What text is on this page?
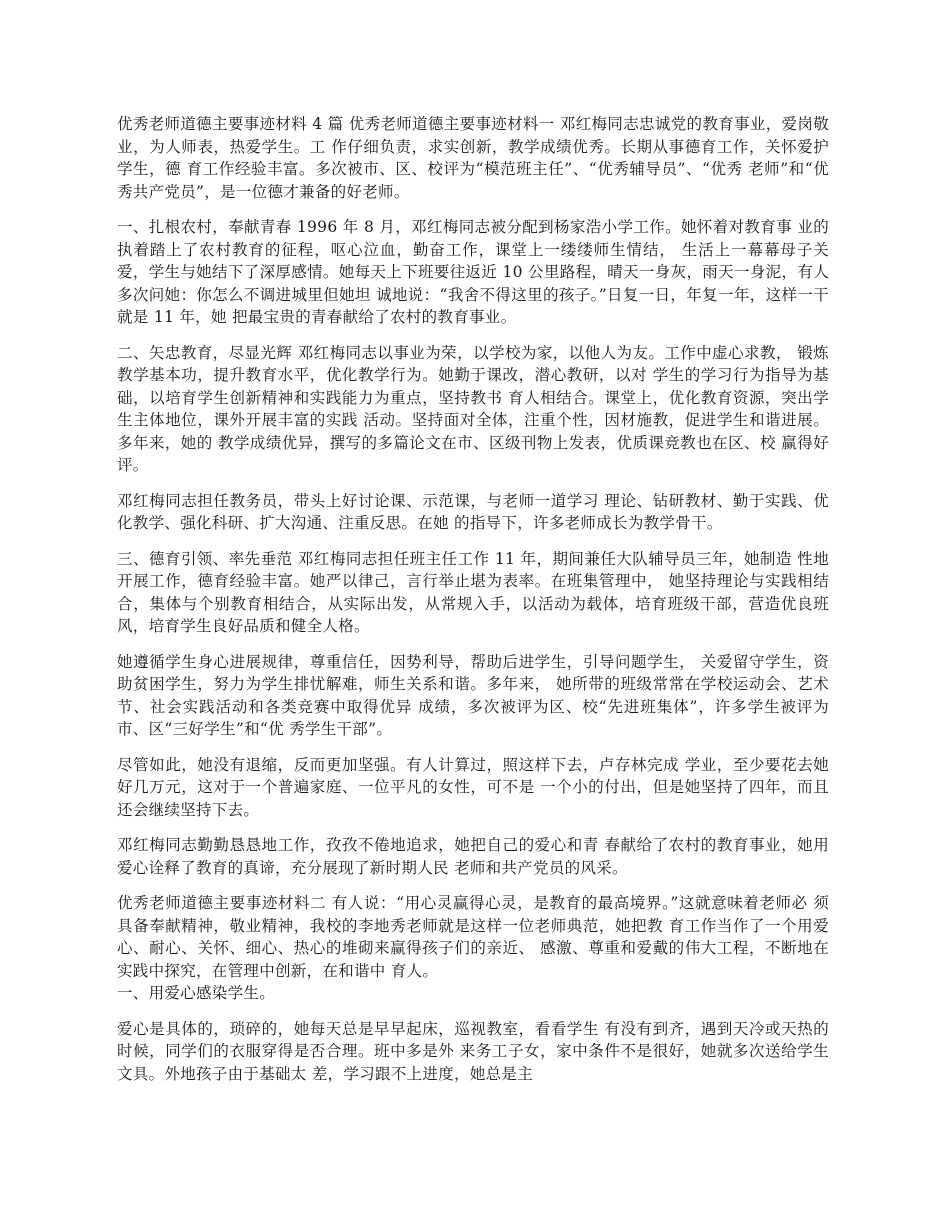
优秀老师道德主要事迹材料 4 篇 优秀老师道德主要事迹材料一 邓红梅同志忠诚党的教育事业，爱岗敬业，为人师表，热爱学生。工 作仔细负责，求实创新，教学成绩优秀。长期从事德育工作，关怀爱护学生，德 育工作经验丰富。多次被市、区、校评为“模范班主任”、“优秀辅导员”、“优秀 老师”和“优秀共产党员”，是一位德才兼备的好老师。

一、扎根农村，奉献青春 1996 年 8 月，邓红梅同志被分配到杨家浩小学工作。她怀着对教育事 业的执着踏上了农村教育的征程，呕心泣血，勤奋工作，课堂上一缕缕师生情结， 生活上一幕幕母子关爱，学生与她结下了深厚感情。她每天上下班要往返近 10 公里路程，晴天一身灰，雨天一身泥，有人多次问她：你怎么不调进城里但她坦 诚地说：“我舍不得这里的孩子。”日复一日，年复一年，这样一干就是 11 年，她 把最宝贵的青春献给了农村的教育事业。

二、矢忠教育，尽显光辉 邓红梅同志以事业为荣，以学校为家，以他人为友。工作中虚心求教， 锻炼教学基本功，提升教育水平，优化教学行为。她勤于课改，潜心教研，以对 学生的学习行为指导为基础，以培育学生创新精神和实践能力为重点，坚持教书 育人相结合。课堂上，优化教育资源，突出学生主体地位，课外开展丰富的实践 活动。坚持面对全体，注重个性，因材施教，促进学生和谐进展。多年来，她的 教学成绩优异，撰写的多篇论文在市、区级刊物上发表，优质课竞教也在区、校 赢得好评。

邓红梅同志担任教务员，带头上好讨论课、示范课，与老师一道学习 理论、钻研教材、勤于实践、优化教学、强化科研、扩大沟通、注重反思。在她 的指导下，许多老师成长为教学骨干。

三、德育引领、率先垂范 邓红梅同志担任班主任工作 11 年，期间兼任大队辅导员三年，她制造 性地开展工作，德育经验丰富。她严以律己，言行举止堪为表率。在班集管理中， 她坚持理论与实践相结合，集体与个别教育相结合，从实际出发，从常规入手，以活动为载体，培育班级干部，营造优良班风，培育学生良好品质和健全人格。

她遵循学生身心进展规律，尊重信任，因势利导，帮助后进学生，引导问题学生， 关爱留守学生，资助贫困学生，努力为学生排忧解难，师生关系和谐。多年来， 她所带的班级常常在学校运动会、艺术节、社会实践活动和各类竞赛中取得优异 成绩，多次被评为区、校“先进班集体”，许多学生被评为市、区“三好学生”和“优 秀学生干部”。

尽管如此，她没有退缩，反而更加坚强。有人计算过，照这样下去，卢存林完成 学业，至少要花去她好几万元，这对于一个普遍家庭、一位平凡的女性，可不是 一个小的付出，但是她坚持了四年，而且还会继续坚持下去。

邓红梅同志勤勤恳恳地工作，孜孜不倦地追求，她把自己的爱心和青 春献给了农村的教育事业，她用爱心诠释了教育的真谛，充分展现了新时期人民 老师和共产党员的风采。

优秀老师道德主要事迹材料二 有人说：“用心灵赢得心灵，是教育的最高境界。”这就意味着老师必 须具备奉献精神，敬业精神，我校的李地秀老师就是这样一位老师典范，她把教 育工作当作了一个用爱心、耐心、关怀、细心、热心的堆砌来赢得孩子们的亲近、 感激、尊重和爱戴的伟大工程，不断地在实践中探究，在管理中创新，在和谐中 育人。

一、用爱心感染学生。

爱心是具体的，琐碎的，她每天总是早早起床，巡视教室，看看学生 有没有到齐，遇到天冷或天热的时候，同学们的衣服穿得是否合理。班中多是外 来务工子女，家中条件不是很好，她就多次送给学生文具。外地孩子由于基础太 差，学习跟不上进度，她总是主
